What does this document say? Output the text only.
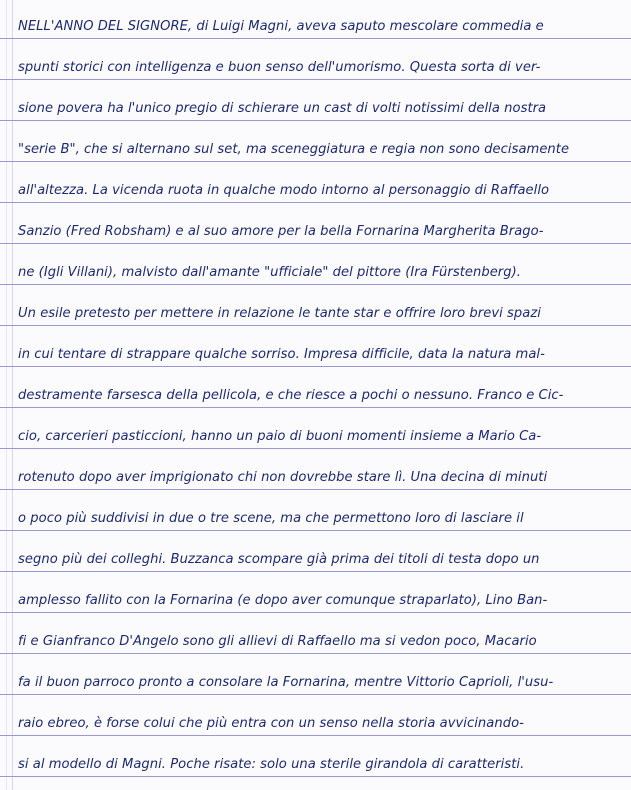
NELL'ANNO DEL SIGNORE, di Luigi Magni, aveva saputo mescolare commedia e
spunti storici con intelligenza e buon senso dell'umorismo. Questa sorta di ver-
sione povera ha l'unico pregio di schierare un cast di volti notissimi della nostra
"serie B", che si alternano sul set, ma sceneggiatura e regia non sono decisamente
all'altezza. La vicenda ruota in qualche modo intorno al personaggio di Raffaello
Sanzio (Fred Robsham) e al suo amore per la bella Fornarina Margherita Brago-
ne (Igli Villani), malvisto dall'amante "ufficiale" del pittore (Ira Fürstenberg).
Un esile pretesto per mettere in relazione le tante star e offrire loro brevi spazi
in cui tentare di strappare qualche sorriso. Impresa difficile, data la natura mal-
destramente farsesca della pellicola, e che riesce a pochi o nessuno. Franco e Cic-
cio, carcerieri pasticcioni, hanno un paio di buoni momenti insieme a Mario Ca-
rotenuto dopo aver imprigionato chi non dovrebbe stare lì. Una decina di minuti
o poco più suddivisi in due o tre scene, ma che permettono loro di lasciare il
segno più dei colleghi. Buzzanca scompare già prima dei titoli di testa dopo un
amplesso fallito con la Fornarina (e dopo aver comunque straparlato), Lino Ban-
fi e Gianfranco D'Angelo sono gli allievi di Raffaello ma si vedon poco, Macario
fa il buon parroco pronto a consolare la Fornarina, mentre Vittorio Caprioli, l'usu-
raio ebreo, è forse colui che più entra con un senso nella storia avvicinando-
si al modello di Magni. Poche risate: solo una sterile girandola di caratteristi.
